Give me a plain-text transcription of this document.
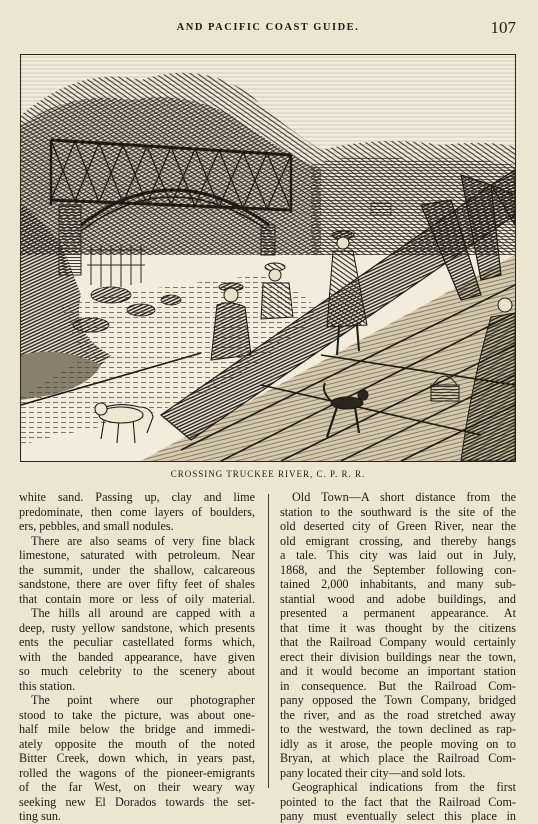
AND PACIFIC COAST GUIDE.	107
CROSSING TRUCKEE RIVER, C. P. R. R.
white sand. Passing up, clay and lime
predominate, then come layers of boulders,
ers, pebbles, and small nodules.
There are also seams of very fine black
limestone, saturated with petroleum. Near
the summit, under the shallow, calcareous
sandstone, there are over fifty feet of shales
that contain more or less of oily material.
The hills all around are capped with a
deep, rusty yellow sandstone, which presents
ents the peculiar castellated forms which,
with the banded appearance, have given
so much celebrity to the scenery about
this station.
The point where our photographer
stood to take the picture, was about one-
half mile below the bridge and immedi-
ately opposite the mouth of the noted
Bitter Creek, down which, in years past,
rolled the wagons of the pioneer-emigrants
of the far West, on their weary way
seeking new El Dorados towards the set-
ting sun.
Old Town—A short distance from the
station to the southward is the site of the
old deserted city of Green River, near the
old emigrant crossing, and thereby hangs
a tale. This city was laid out in July,
1868, and the September following con-
tained 2,000 inhabitants, and many sub-
stantial wood and adobe buildings, and
presented a permanent appearance. At
that time it was thought by the citizens
that the Railroad Company would certainly
erect their division buildings near the town,
and it would become an important station
in consequence. But the Railroad Com-
pany opposed the Town Company, bridged
the river, and as the road stretched away
to the westward, the town declined as rap-
idly as it arose, the people moving on to
Bryan, at which place the Railroad Com-
pany located their city—and sold lots.
Geographical indications from the first
pointed to the fact that the Railroad Com-
pany must eventually select this place in
